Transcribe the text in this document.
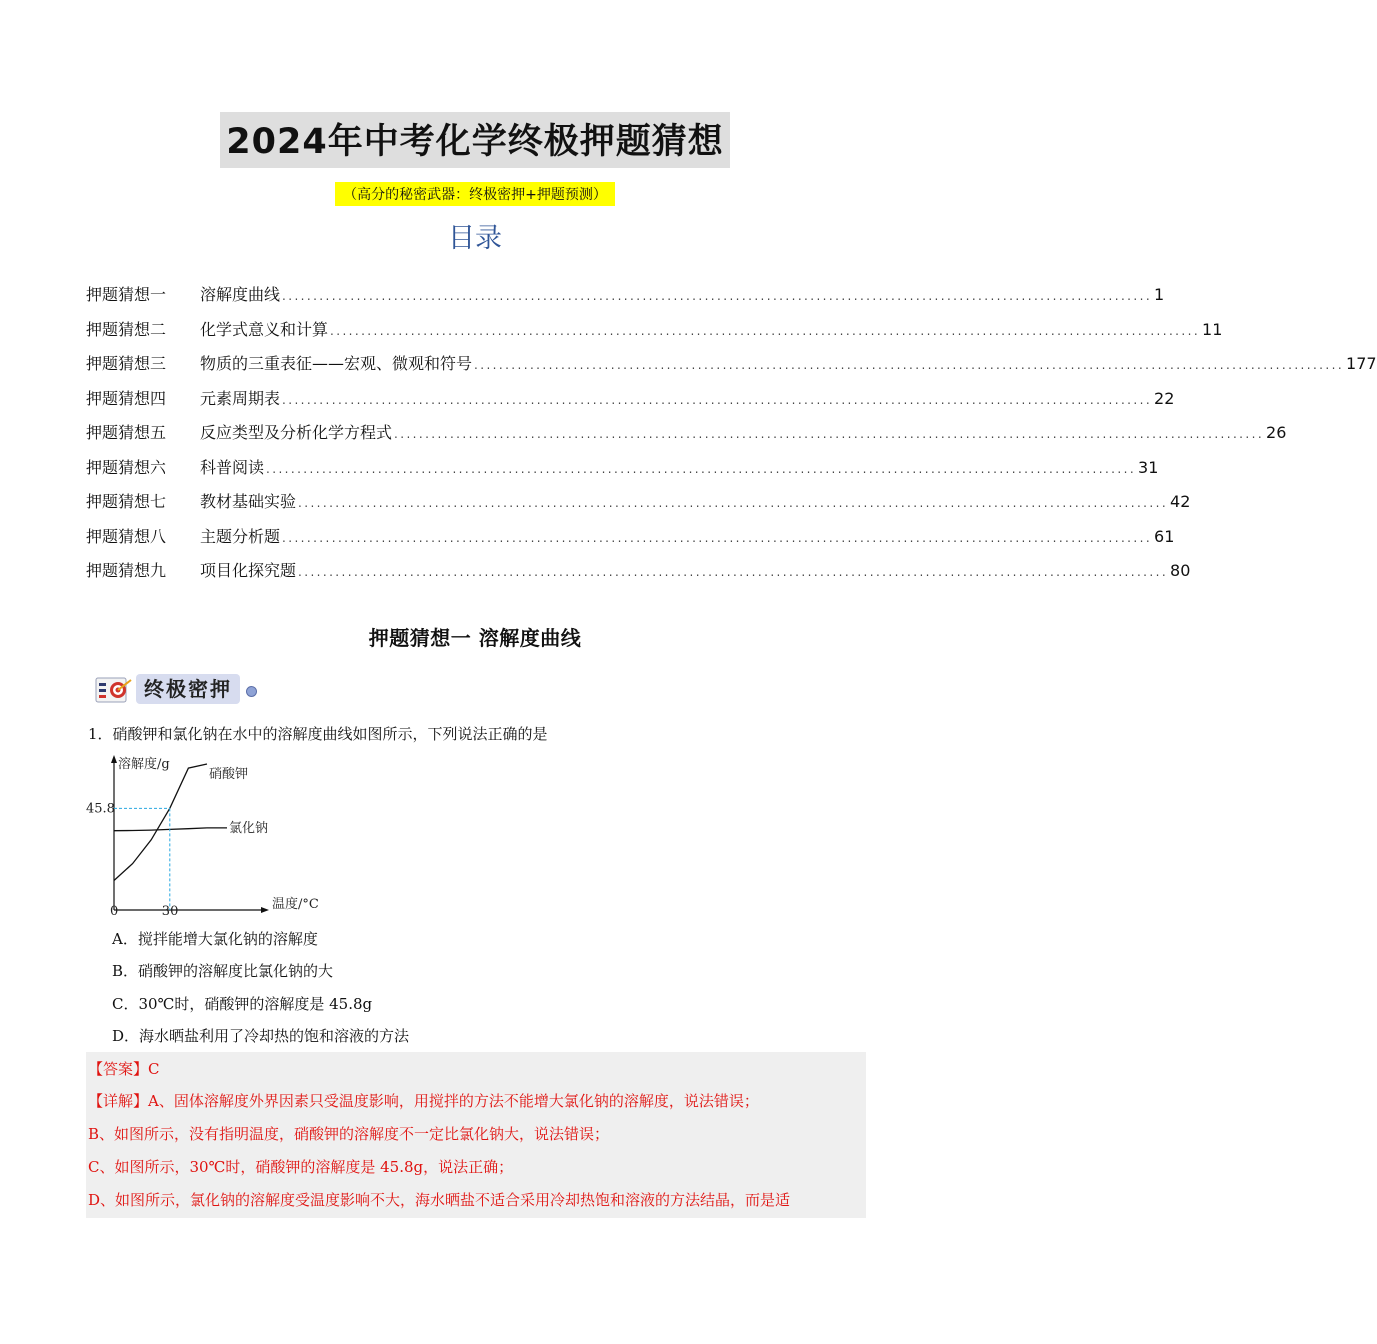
2024年中考化学终极押题猜想
（高分的秘密武器：终极密押+押题预测）
目录
押题猜想一	溶解度曲线 ............................................................................................................................................ 1
押题猜想二	化学式意义和计算 ............................................................................................................................................ 11
押题猜想三	物质的三重表征——宏观、微观和符号 ............................................................................................................................................ 177
押题猜想四	元素周期表 ............................................................................................................................................ 22
押题猜想五	反应类型及分析化学方程式 ............................................................................................................................................ 26
押题猜想六	科普阅读 ............................................................................................................................................ 31
押题猜想七	教材基础实验 ............................................................................................................................................ 42
押题猜想八	主题分析题 ............................................................................................................................................ 61
押题猜想九	项目化探究题 ............................................................................................................................................ 80
押题猜想一 溶解度曲线
终极密押
1．硝酸钾和氯化钠在水中的溶解度曲线如图所示，下列说法正确的是
溶解度/g
温度/°C
0
硝酸钾
氯化钠
45.8
30
A．搅拌能增大氯化钠的溶解度
B．硝酸钾的溶解度比氯化钠的大
C．30℃时，硝酸钾的溶解度是 45.8g
D．海水晒盐利用了冷却热的饱和溶液的方法
【答案】C
【详解】A、固体溶解度外界因素只受温度影响，用搅拌的方法不能增大氯化钠的溶解度，说法错误；
B、如图所示，没有指明温度，硝酸钾的溶解度不一定比氯化钠大，说法错误；
C、如图所示，30℃时，硝酸钾的溶解度是 45.8g，说法正确；
D、如图所示，氯化钠的溶解度受温度影响不大，海水晒盐不适合采用冷却热饱和溶液的方法结晶，而是适
